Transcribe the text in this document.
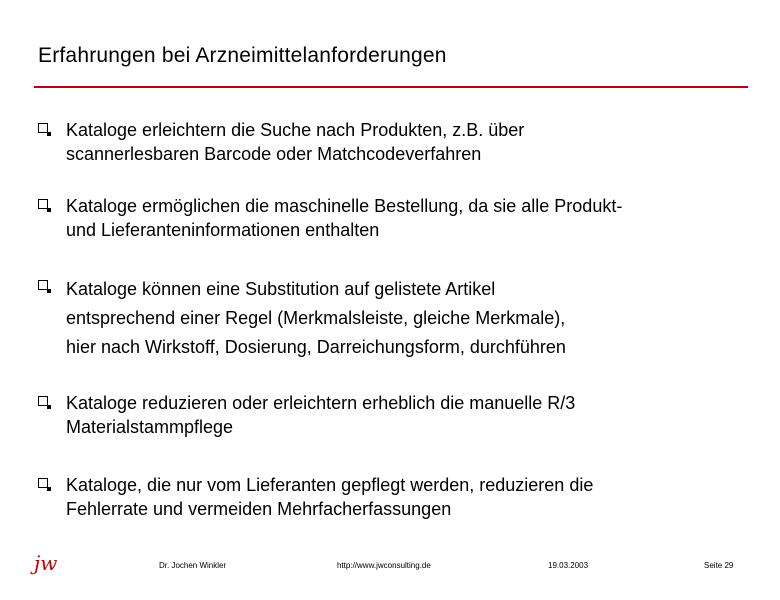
Erfahrungen bei Arzneimittelanforderungen
Kataloge erleichtern die Suche nach Produkten, z.B. über
scannerlesbaren Barcode oder Matchcodeverfahren
Kataloge ermöglichen die maschinelle Bestellung, da sie alle Produkt-
und Lieferanteninformationen enthalten
Kataloge können eine Substitution auf gelistete Artikel
entsprechend einer Regel (Merkmalsleiste, gleiche Merkmale),
hier nach Wirkstoff, Dosierung, Darreichungsform, durchführen
Kataloge reduzieren oder erleichtern erheblich die manuelle R/3
Materialstammpflege
Kataloge, die nur vom Lieferanten gepflegt werden, reduzieren die
Fehlerrate und vermeiden Mehrfacherfassungen
jw	Dr. Jochen Winkler	http://www.jwconsulting.de	19.03.2003	Seite 29
